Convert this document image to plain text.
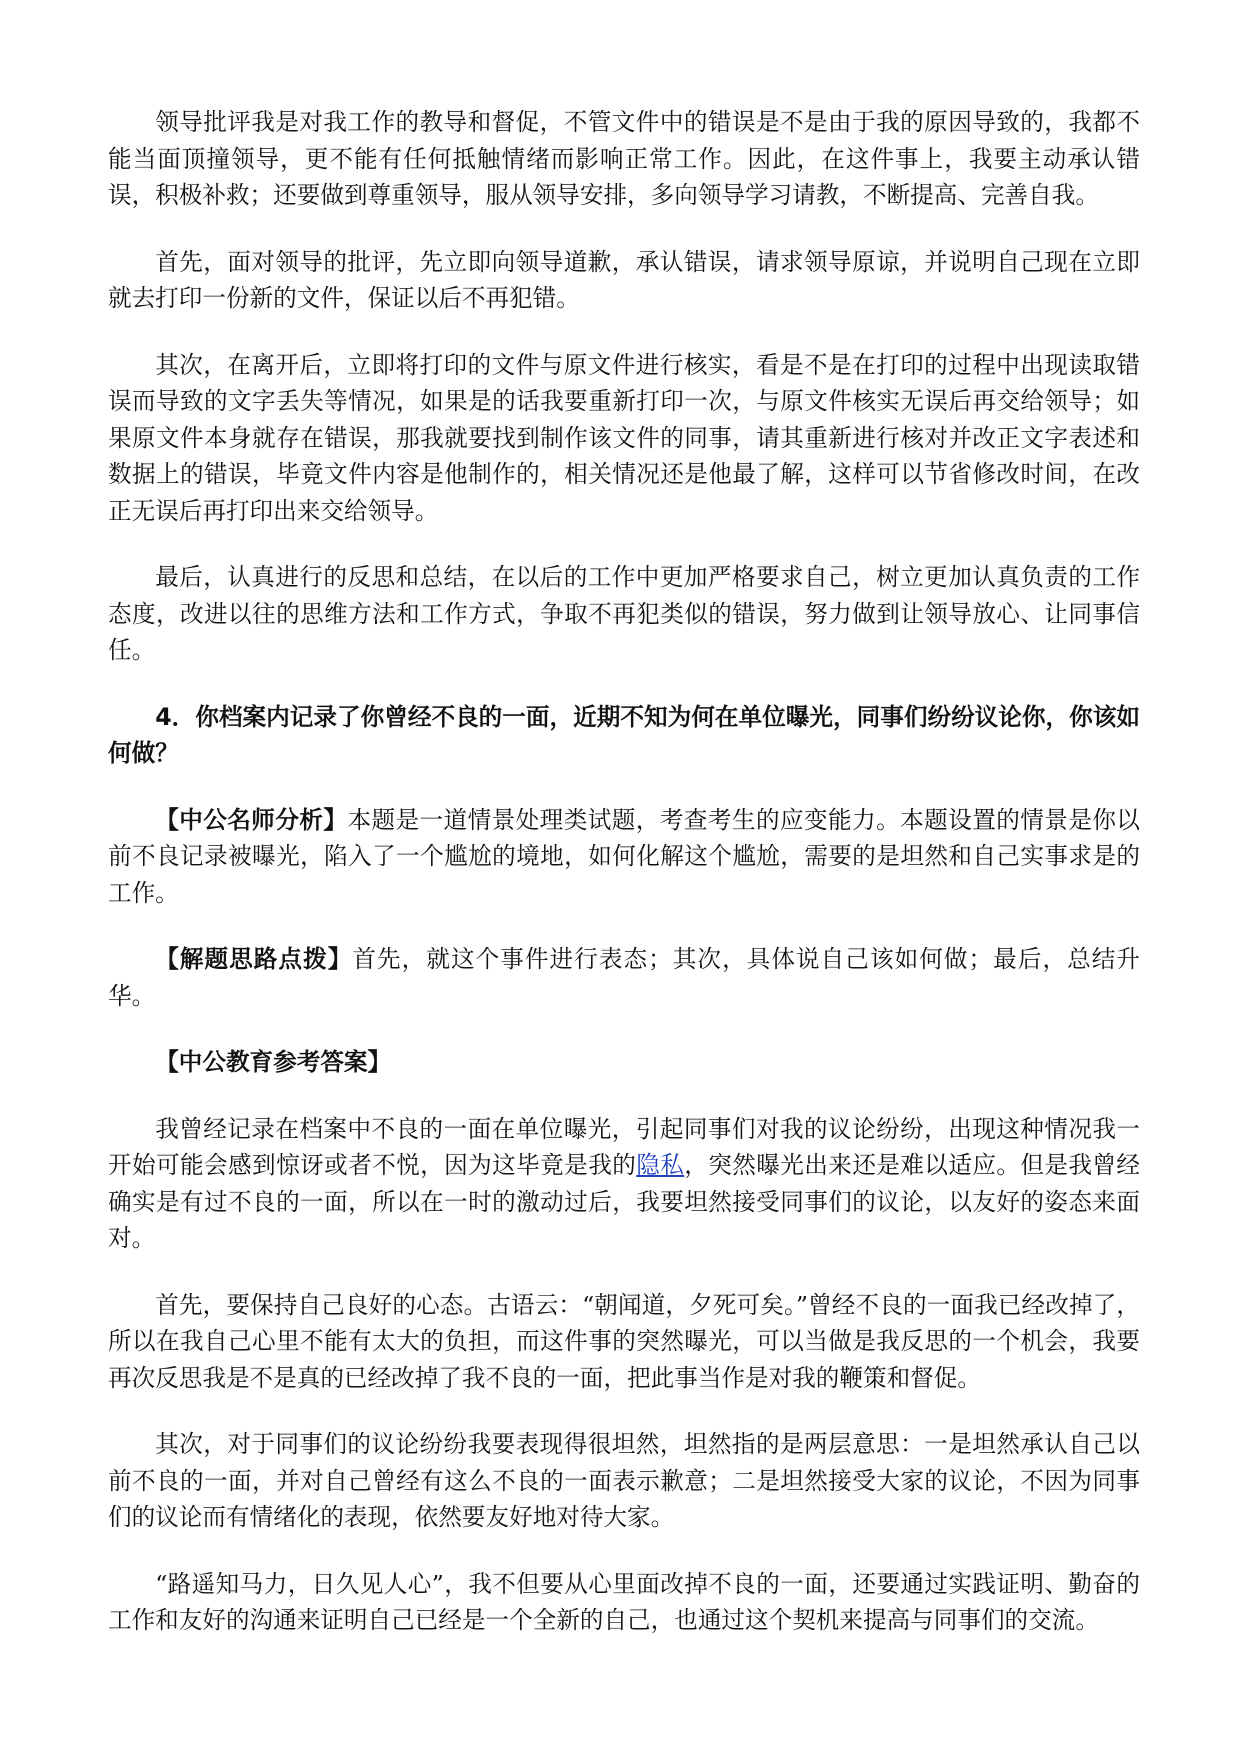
领导批评我是对我工作的教导和督促，不管文件中的错误是不是由于我的原因导致的，我都不能当面顶撞领导，更不能有任何抵触情绪而影响正常工作。因此，在这件事上，我要主动承认错误，积极补救；还要做到尊重领导，服从领导安排，多向领导学习请教，不断提高、完善自我。

首先，面对领导的批评，先立即向领导道歉，承认错误，请求领导原谅，并说明自己现在立即就去打印一份新的文件，保证以后不再犯错。

其次，在离开后，立即将打印的文件与原文件进行核实，看是不是在打印的过程中出现读取错误而导致的文字丢失等情况，如果是的话我要重新打印一次，与原文件核实无误后再交给领导；如果原文件本身就存在错误，那我就要找到制作该文件的同事，请其重新进行核对并改正文字表述和数据上的错误，毕竟文件内容是他制作的，相关情况还是他最了解，这样可以节省修改时间，在改正无误后再打印出来交给领导。

最后，认真进行的反思和总结，在以后的工作中更加严格要求自己，树立更加认真负责的工作态度，改进以往的思维方法和工作方式，争取不再犯类似的错误，努力做到让领导放心、让同事信任。

4．你档案内记录了你曾经不良的一面，近期不知为何在单位曝光，同事们纷纷议论你，你该如何做？

【中公名师分析】本题是一道情景处理类试题，考查考生的应变能力。本题设置的情景是你以前不良记录被曝光，陷入了一个尴尬的境地，如何化解这个尴尬，需要的是坦然和自己实事求是的工作。

【解题思路点拨】首先，就这个事件进行表态；其次，具体说自己该如何做；最后，总结升华。

【中公教育参考答案】

我曾经记录在档案中不良的一面在单位曝光，引起同事们对我的议论纷纷，出现这种情况我一开始可能会感到惊讶或者不悦，因为这毕竟是我的隐私，突然曝光出来还是难以适应。但是我曾经确实是有过不良的一面，所以在一时的激动过后，我要坦然接受同事们的议论，以友好的姿态来面对。

首先，要保持自己良好的心态。古语云：“朝闻道，夕死可矣。”曾经不良的一面我已经改掉了，所以在我自己心里不能有太大的负担，而这件事的突然曝光，可以当做是我反思的一个机会，我要再次反思我是不是真的已经改掉了我不良的一面，把此事当作是对我的鞭策和督促。

其次，对于同事们的议论纷纷我要表现得很坦然，坦然指的是两层意思：一是坦然承认自己以前不良的一面，并对自己曾经有这么不良的一面表示歉意；二是坦然接受大家的议论，不因为同事们的议论而有情绪化的表现，依然要友好地对待大家。

“路遥知马力，日久见人心”，我不但要从心里面改掉不良的一面，还要通过实践证明、勤奋的工作和友好的沟通来证明自己已经是一个全新的自己，也通过这个契机来提高与同事们的交流。
